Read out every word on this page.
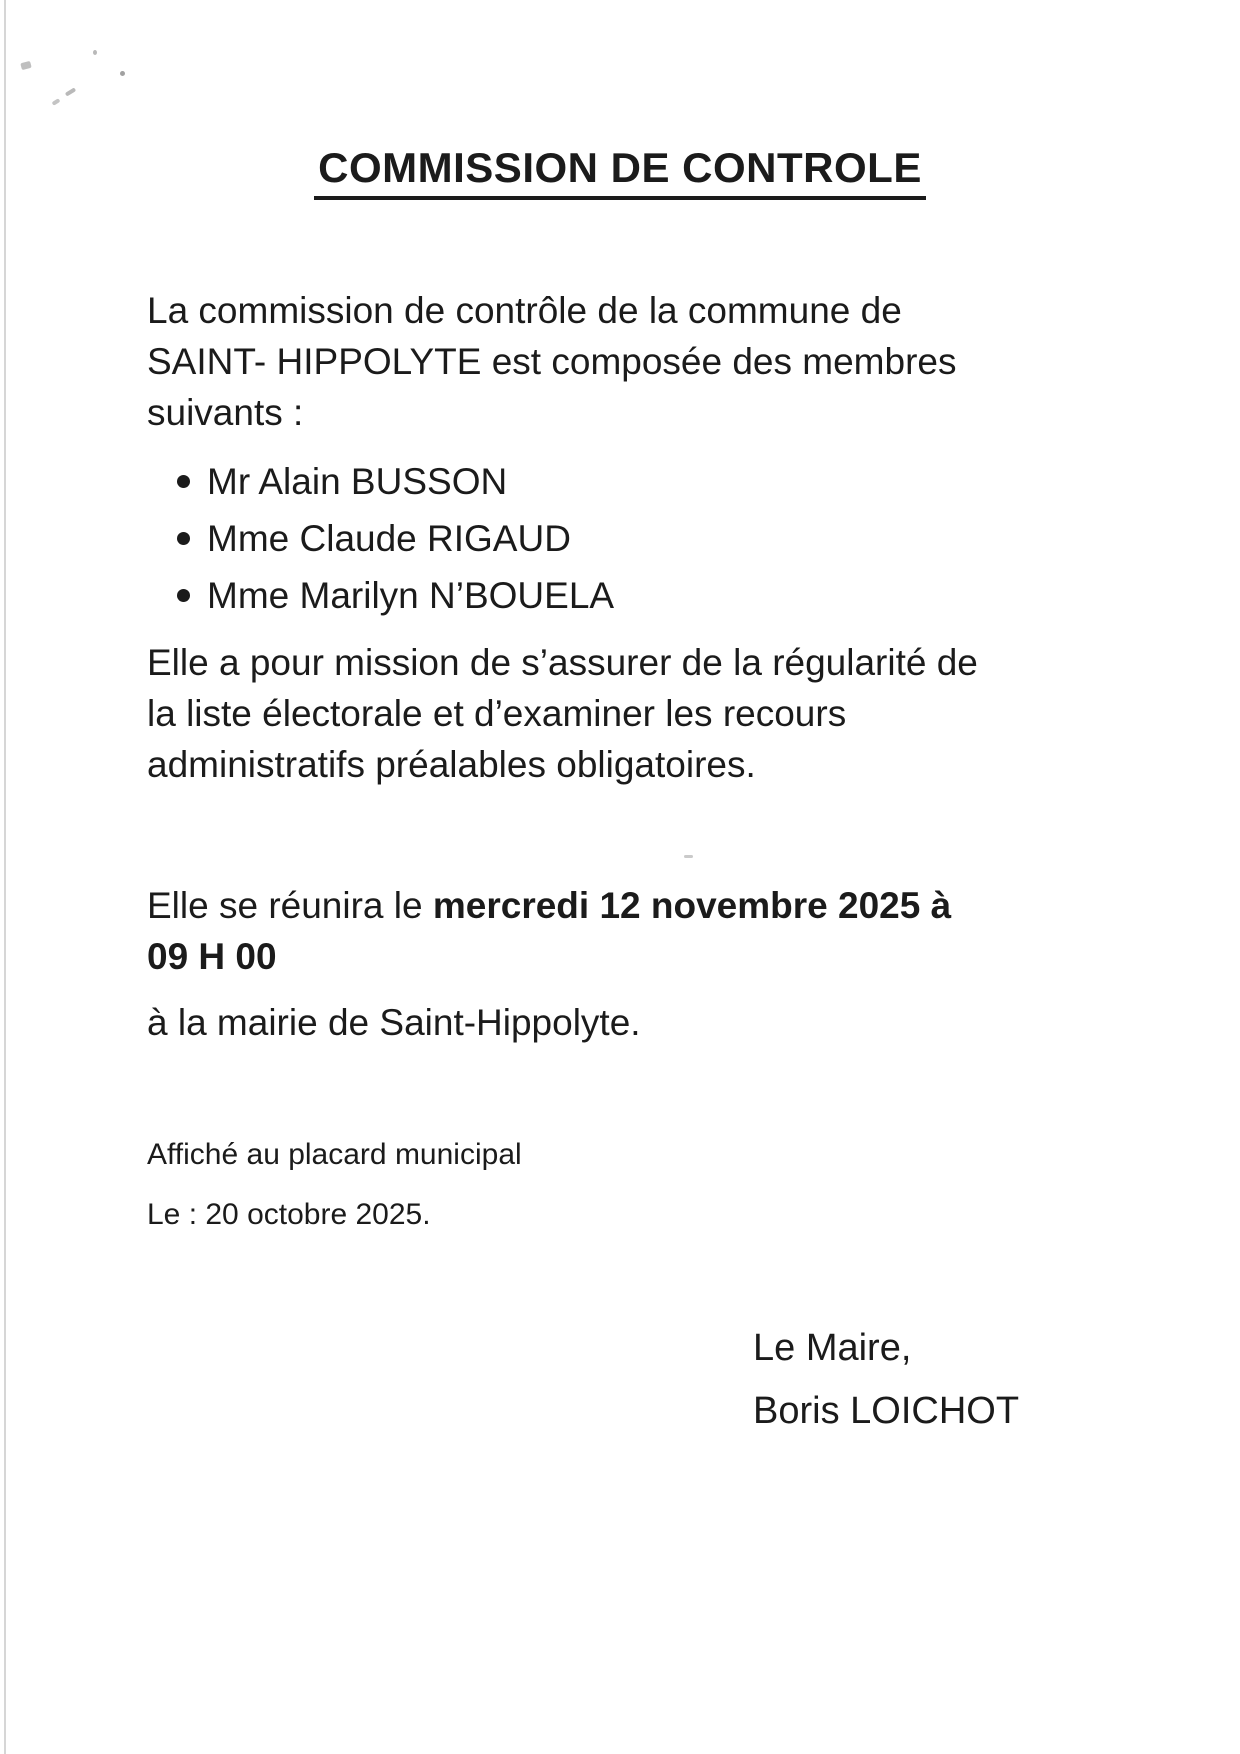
COMMISSION DE CONTROLE
La commission de contrôle de la commune de
SAINT- HIPPOLYTE est composée des membres
suivants :
Mr Alain BUSSON
Mme Claude RIGAUD
Mme Marilyn N’BOUELA
Elle a pour mission de s’assurer de la régularité de
la liste électorale et d’examiner les recours
administratifs préalables obligatoires.
Elle se réunira le mercredi 12 novembre 2025 à
09 H 00
à la mairie de Saint-Hippolyte.
Affiché au placard municipal
Le : 20 octobre 2025.
Le Maire,
Boris LOICHOT
